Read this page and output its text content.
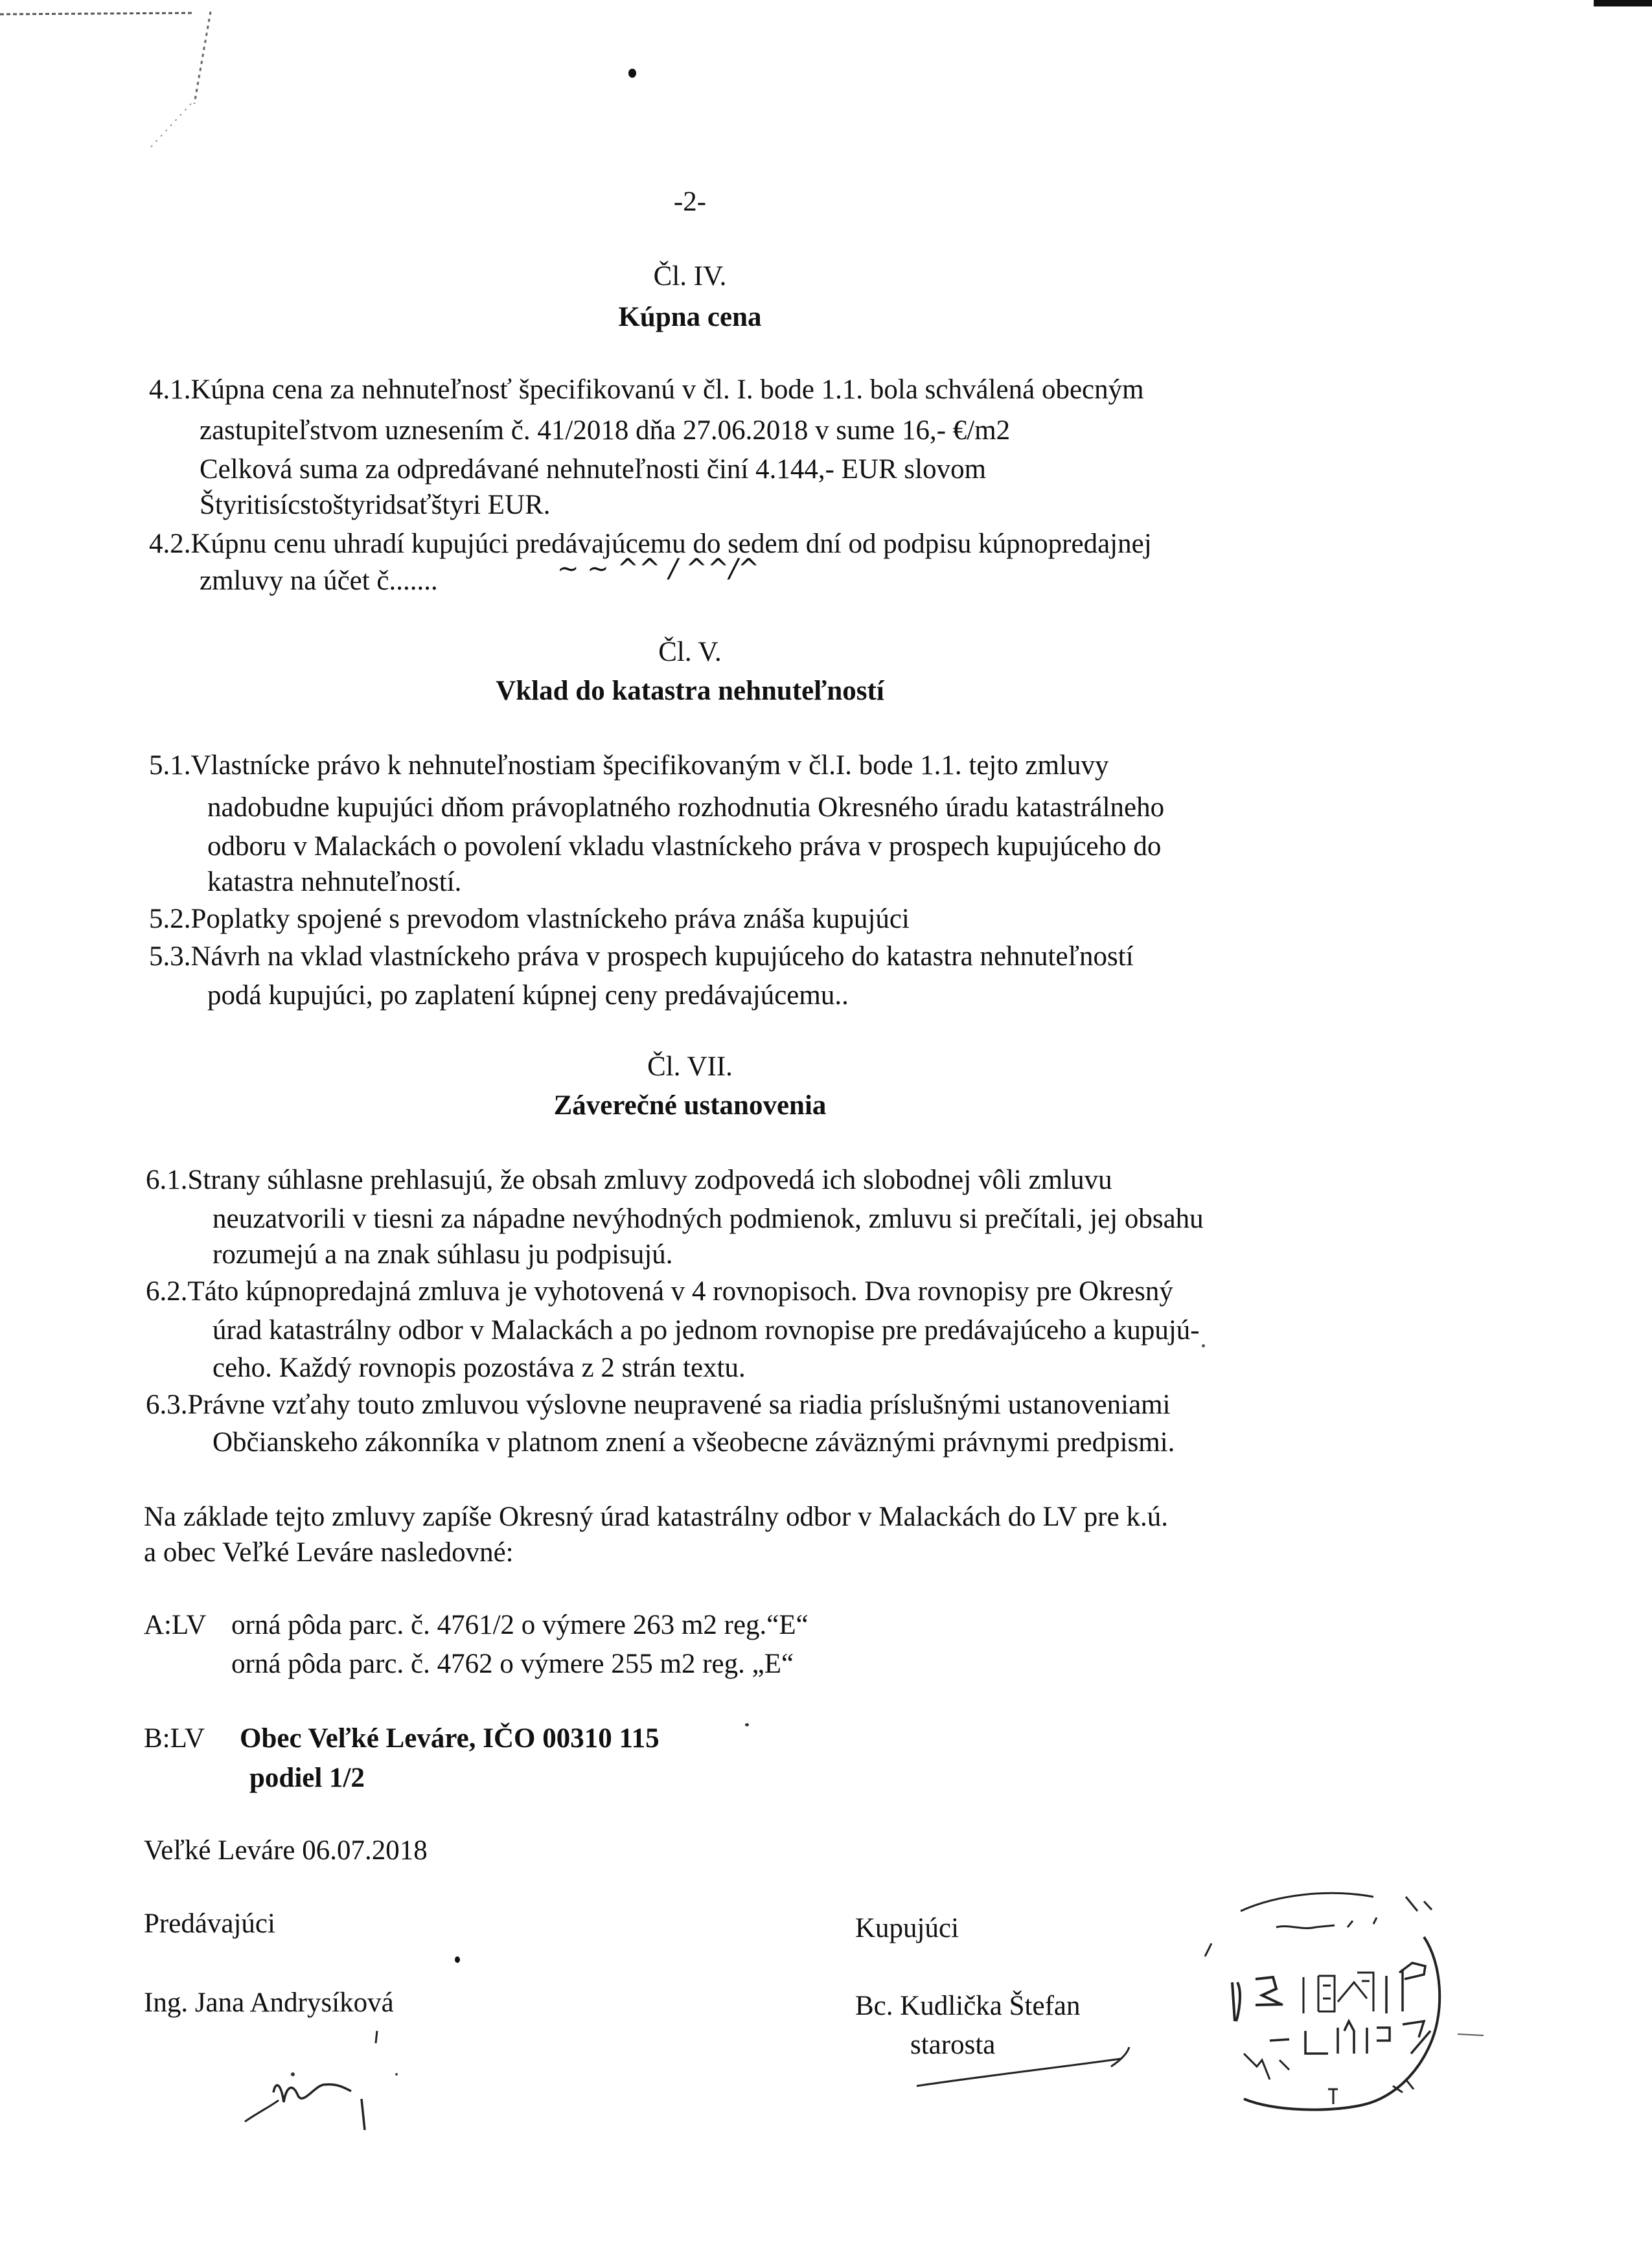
-2-
Čl. IV.
Kúpna cena
4.1.Kúpna cena za nehnuteľnosť špecifikovanú v čl. I. bode 1.1. bola schválená obecným
zastupiteľstvom uznesením č. 41/2018 dňa 27.06.2018 v sume 16,- €/m2
Celková suma za odpredávané nehnuteľnosti činí 4.144,- EUR slovom
Štyritisícstoštyridsaťštyri EUR.
4.2.Kúpnu cenu uhradí kupujúci predávajúcemu do sedem dní od podpisu kúpnopredajnej
zmluvy na účet č.......	~ ~ ^^ / ^^/^
Čl. V.
Vklad do katastra nehnuteľností
5.1.Vlastnícke právo k nehnuteľnostiam špecifikovaným v čl.I. bode 1.1. tejto zmluvy
nadobudne kupujúci dňom právoplatného rozhodnutia Okresného úradu katastrálneho
odboru v Malackách o povolení vkladu vlastníckeho práva v prospech kupujúceho do
katastra nehnuteľností.
5.2.Poplatky spojené s prevodom vlastníckeho práva znáša kupujúci
5.3.Návrh na vklad vlastníckeho práva v prospech kupujúceho do katastra nehnuteľností
podá kupujúci, po zaplatení kúpnej ceny predávajúcemu..
Čl. VII.
Záverečné ustanovenia
6.1.Strany súhlasne prehlasujú, že obsah zmluvy zodpovedá ich slobodnej vôli zmluvu
neuzatvorili v tiesni za nápadne nevýhodných podmienok, zmluvu si prečítali, jej obsahu
rozumejú a na znak súhlasu ju podpisujú.
6.2.Táto kúpnopredajná zmluva je vyhotovená v 4 rovnopisoch. Dva rovnopisy pre Okresný
úrad katastrálny odbor v Malackách a po jednom rovnopise pre predávajúceho a kupujú-
ceho. Každý rovnopis pozostáva z 2 strán textu.
6.3.Právne vzťahy touto zmluvou výslovne neupravené sa riadia príslušnými ustanoveniami
Občianskeho zákonníka v platnom znení a všeobecne záväznými právnymi predpismi.
Na základe tejto zmluvy zapíše Okresný úrad katastrálny odbor v Malackách do LV pre k.ú.
a obec Veľké Leváre nasledovné:
A:LV orná pôda parc. č. 4761/2 o výmere 263 m2 reg.“E“
orná pôda parc. č. 4762 o výmere 255 m2 reg. „E“
B:LV Obec Veľké Leváre, IČO 00310 115
podiel 1/2
Veľké Leváre 06.07.2018
Predávajúci
Ing. Jana Andrysíková
Kupujúci
Bc. Kudlička Štefan
starosta
